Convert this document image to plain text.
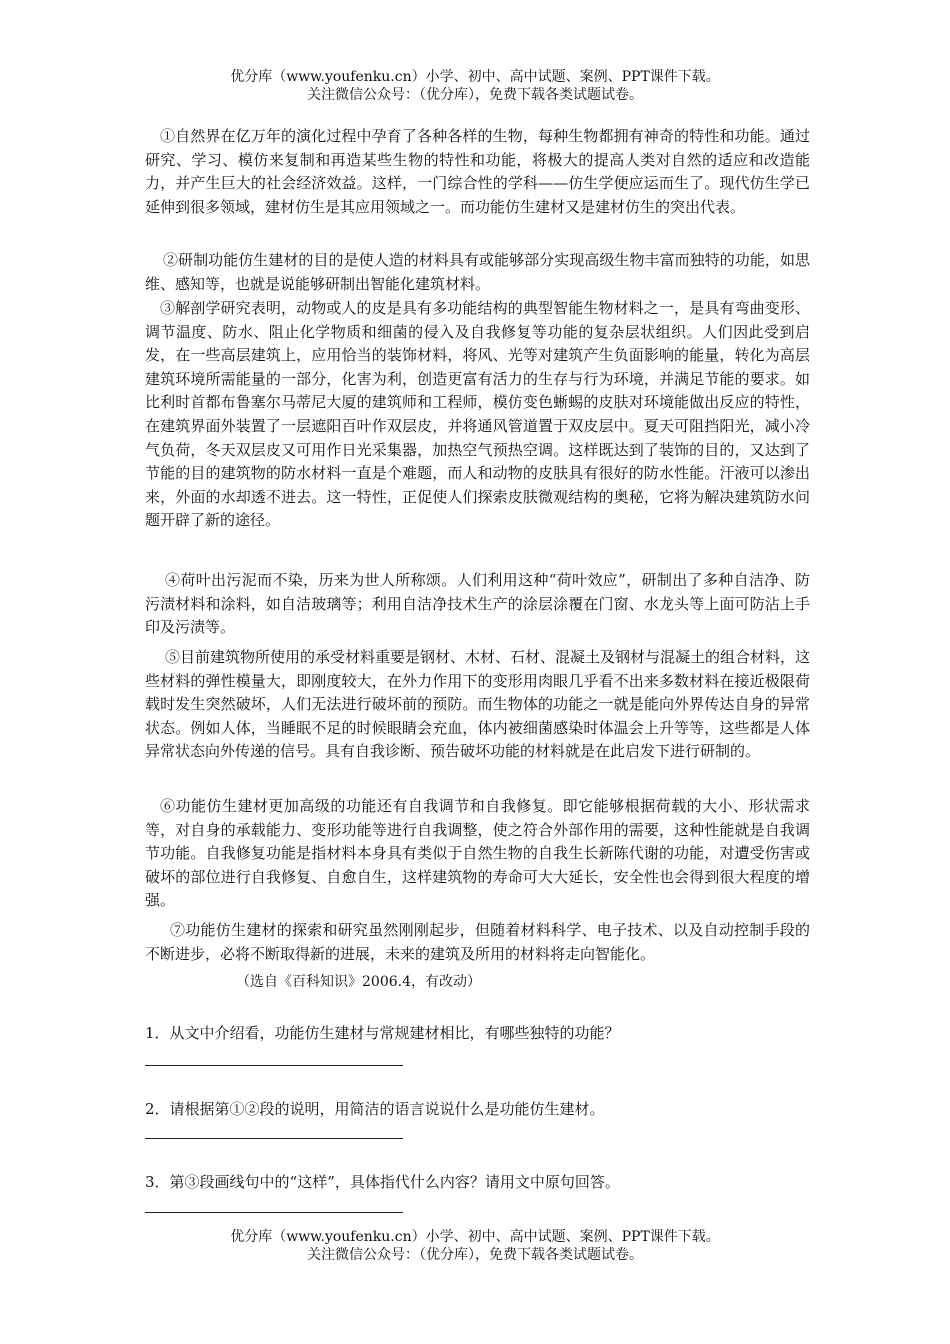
优分库（www.youfenku.cn）小学、初中、高中试题、案例、PPT课件下载。
关注微信公众号：（优分库），免费下载各类试题试卷。

①自然界在亿万年的演化过程中孕育了各种各样的生物，每种生物都拥有神奇的特性和功能。通过研究、学习、模仿来复制和再造某些生物的特性和功能，将极大的提高人类对自然的适应和改造能力，并产生巨大的社会经济效益。这样，一门综合性的学科——仿生学便应运而生了。现代仿生学已延伸到很多领域，建材仿生是其应用领域之一。而功能仿生建材又是建材仿生的突出代表。

②研制功能仿生建材的目的是使人造的材料具有或能够部分实现高级生物丰富而独特的功能，如思维、感知等，也就是说能够研制出智能化建筑材料。

③解剖学研究表明，动物或人的皮是具有多功能结构的典型智能生物材料之一，是具有弯曲变形、调节温度、防水、阻止化学物质和细菌的侵入及自我修复等功能的复杂层状组织。人们因此受到启发，在一些高层建筑上，应用恰当的装饰材料，将风、光等对建筑产生负面影响的能量，转化为高层建筑环境所需能量的一部分，化害为利，创造更富有活力的生存与行为环境，并满足节能的要求。如比利时首都布鲁塞尔马蒂尼大厦的建筑师和工程师，模仿变色蜥蜴的皮肤对环境能做出反应的特性，在建筑界面外装置了一层遮阳百叶作双层皮，并将通风管道置于双皮层中。夏天可阻挡阳光，减小冷气负荷，冬天双层皮又可用作日光采集器，加热空气预热空调。这样既达到了装饰的目的，又达到了节能的目的建筑物的防水材料一直是个难题，而人和动物的皮肤具有很好的防水性能。汗液可以渗出来，外面的水却透不进去。这一特性，正促使人们探索皮肤微观结构的奥秘，它将为解决建筑防水问题开辟了新的途径。

④荷叶出污泥而不染，历来为世人所称颂。人们利用这种“荷叶效应”，研制出了多种自洁净、防污渍材料和涂料，如自洁玻璃等；利用自洁净技术生产的涂层涂覆在门窗、水龙头等上面可防沾上手印及污渍等。

⑤目前建筑物所使用的承受材料重要是钢材、木材、石材、混凝土及钢材与混凝土的组合材料，这些材料的弹性模量大，即刚度较大，在外力作用下的变形用肉眼几乎看不出来多数材料在接近极限荷载时发生突然破坏，人们无法进行破坏前的预防。而生物体的功能之一就是能向外界传达自身的异常状态。例如人体，当睡眠不足的时候眼睛会充血，体内被细菌感染时体温会上升等等，这些都是人体异常状态向外传递的信号。具有自我诊断、预告破坏功能的材料就是在此启发下进行研制的。

⑥功能仿生建材更加高级的功能还有自我调节和自我修复。即它能够根据荷载的大小、形状需求等，对自身的承载能力、变形功能等进行自我调整，使之符合外部作用的需要，这种性能就是自我调节功能。自我修复功能是指材料本身具有类似于自然生物的自我生长新陈代谢的功能，对遭受伤害或破坏的部位进行自我修复、自愈自生，这样建筑物的寿命可大大延长，安全性也会得到很大程度的增强。

⑦功能仿生建材的探索和研究虽然刚刚起步，但随着材料科学、电子技术、以及自动控制手段的不断进步，必将不断取得新的进展，未来的建筑及所用的材料将走向智能化。

（选自《百科知识》2006.4，有改动）

1．从文中介绍看，功能仿生建材与常规建材相比，有哪些独特的功能？

2．请根据第①②段的说明，用简洁的语言说说什么是功能仿生建材。

3．第③段画线句中的“这样”，具体指代什么内容？请用文中原句回答。

优分库（www.youfenku.cn）小学、初中、高中试题、案例、PPT课件下载。
关注微信公众号：（优分库），免费下载各类试题试卷。
